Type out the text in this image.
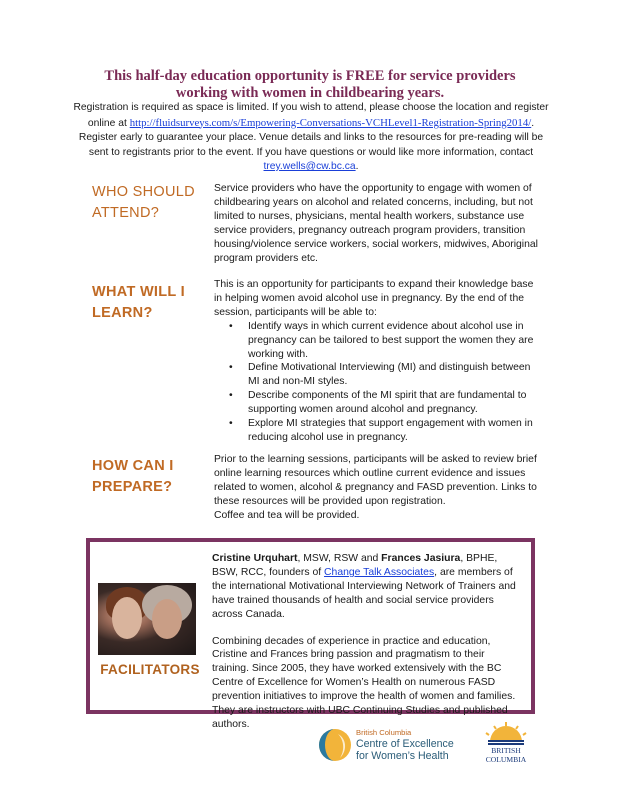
This half-day education opportunity is FREE for service providers
working with women in childbearing years.
Registration is required as space is limited. If you wish to attend, please choose the location and register online at http://fluidsurveys.com/s/Empowering-Conversations-VCHLevel1-Registration-Spring2014/. Register early to guarantee your place. Venue details and links to the resources for pre-reading will be sent to registrants prior to the event. If you have questions or would like more information, contact trey.wells@cw.bc.ca.
WHO SHOULD
ATTEND?

Service providers who have the opportunity to engage with women of childbearing years on alcohol and related concerns, including, but not limited to nurses, physicians, mental health workers, substance use service providers, pregnancy outreach program providers, transition housing/violence service workers, social workers, midwives, Aboriginal program providers etc.

WHAT WILL I
LEARN?

This is an opportunity for participants to expand their knowledge base in helping women avoid alcohol use in pregnancy. By the end of the session, participants will be able to:

• Identify ways in which current evidence about alcohol use in pregnancy can be tailored to best support the women they are working with.
• Define Motivational Interviewing (MI) and distinguish between MI and non-MI styles.
• Describe components of the MI spirit that are fundamental to supporting women around alcohol and pregnancy.
• Explore MI strategies that support engagement with women in reducing alcohol use in pregnancy.
HOW CAN I
PREPARE?

Prior to the learning sessions, participants will be asked to review brief online learning resources which outline current evidence and issues related to women, alcohol & pregnancy and FASD prevention. Links to these resources will be provided upon registration.

Coffee and tea will be provided.

FACILITATORS

Cristine Urquhart, MSW, RSW and Frances Jasiura, BPHE, BSW, RCC, founders of Change Talk Associates, are members of the international Motivational Interviewing Network of Trainers and have trained thousands of health and social service providers across Canada.

Combining decades of experience in practice and education, Cristine and Frances bring passion and pragmatism to their training. Since 2005, they have worked extensively with the BC Centre of Excellence for Women’s Health on numerous FASD prevention initiatives to improve the health of women and families. They are instructors with UBC Continuing Studies and published authors.

British Columbia
Centre of Excellence
for Women’s Health	BRITISH
COLUMBIA
